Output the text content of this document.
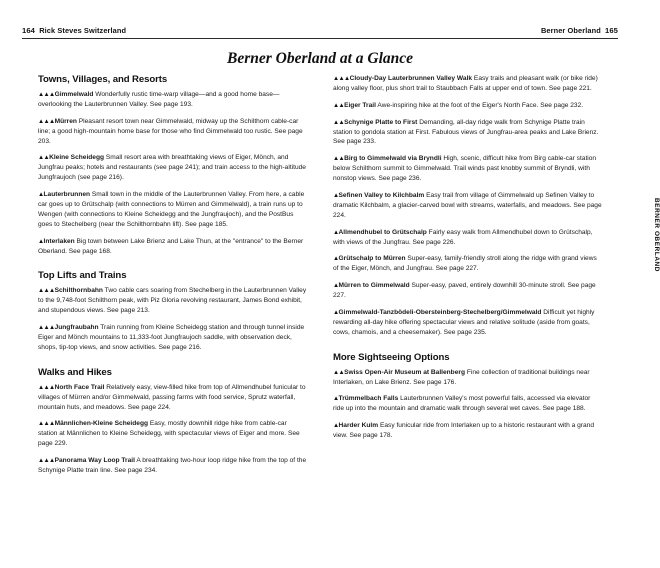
164 Rick Steves Switzerland	Berner Oberland 165
BERNER OBERLAND
Berner Oberland at a Glance
Towns, Villages, and Resorts

▲▲▲Gimmelwald Wonderfully rustic time-warp village—and a good home base—overlooking the Lauterbrunnen Valley. See page 193.

▲▲▲Mürren Pleasant resort town near Gimmelwald, midway up the Schilthorn cable-car line; a good high-mountain home base for those who find Gimmelwald too rustic. See page 203.

▲▲Kleine Scheidegg Small resort area with breathtaking views of Eiger, Mönch, and Jungfrau peaks; hotels and restaurants (see page 241); and train access to the high-altitude Jungfraujoch (see page 216).

▲Lauterbrunnen Small town in the middle of the Lauterbrunnen Valley. From here, a cable car goes up to Grütschalp (with connections to Mürren and Gimmelwald), a train runs up to Wengen (with connections to Kleine Scheidegg and the Jungfraujoch), and the PostBus goes to Stechelberg (near the Schilthornbahn lift). See page 185.

▲Interlaken Big town between Lake Brienz and Lake Thun, at the "entrance" to the Berner Oberland. See page 168.

Top Lifts and Trains

▲▲▲Schilthornbahn Two cable cars soaring from Stechelberg in the Lauterbrunnen Valley to the 9,748-foot Schilthorn peak, with Piz Gloria revolving restaurant, James Bond exhibit, and stupendous views. See page 213.

▲▲▲Jungfraubahn Train running from Kleine Scheidegg station and through tunnel inside Eiger and Mönch mountains to 11,333-foot Jungfraujoch saddle, with observation deck, shops, tip-top views, and snow activities. See page 216.

Walks and Hikes

▲▲▲North Face Trail Relatively easy, view-filled hike from top of Allmendhubel funicular to villages of Mürren and/or Gimmelwald, passing farms with food service, Sprutz waterfall, mountain huts, and meadows. See page 224.

▲▲▲Männlichen-Kleine Scheidegg Easy, mostly downhill ridge hike from cable-car station at Männlichen to Kleine Scheidegg, with spectacular views of Eiger and more. See page 229.

▲▲▲Panorama Way Loop Trail A breathtaking two-hour loop ridge hike from the top of the Schynige Platte train line. See page 234.

▲▲▲Cloudy-Day Lauterbrunnen Valley Walk Easy trails and pleasant walk (or bike ride) along valley floor, plus short trail to Staubbach Falls at upper end of town. See page 221.

▲▲Eiger Trail Awe-inspiring hike at the foot of the Eiger's North Face. See page 232.

▲▲Schynige Platte to First Demanding, all-day ridge walk from Schynige Platte train station to gondola station at First. Fabulous views of Jungfrau-area peaks and Lake Brienz. See page 233.

▲▲Birg to Gimmelwald via Bryndli High, scenic, difficult hike from Birg cable-car station below Schilthorn summit to Gimmelwald. Trail winds past knobby summit of Bryndli, with nonstop views. See page 236.

▲Sefinen Valley to Kilchbalm Easy trail from village of Gimmelwald up Sefinen Valley to dramatic Kilchbalm, a glacier-carved bowl with streams, waterfalls, and meadows. See page 224.

▲Allmendhubel to Grütschalp Fairly easy walk from Allmendhubel down to Grütschalp, with views of the Jungfrau. See page 226.

▲Grütschalp to Mürren Super-easy, family-friendly stroll along the ridge with grand views of the Eiger, Mönch, and Jungfrau. See page 227.

▲Mürren to Gimmelwald Super-easy, paved, entirely downhill 30-minute stroll. See page 227.

▲Gimmelwald-Tanzbödeli-Obersteinberg-Stechelberg/Gimmelwald Difficult yet highly rewarding all-day hike offering spectacular views and relative solitude (aside from goats, cows, chamois, and a cheesemaker). See page 235.

More Sightseeing Options

▲▲Swiss Open-Air Museum at Ballenberg Fine collection of traditional buildings near Interlaken, on Lake Brienz. See page 176.

▲Trümmelbach Falls Lauterbrunnen Valley's most powerful falls, accessed via elevator ride up into the mountain and dramatic walk through several wet caves. See page 188.

▲Harder Kulm Easy funicular ride from Interlaken up to a historic restaurant with a grand view. See page 178.
